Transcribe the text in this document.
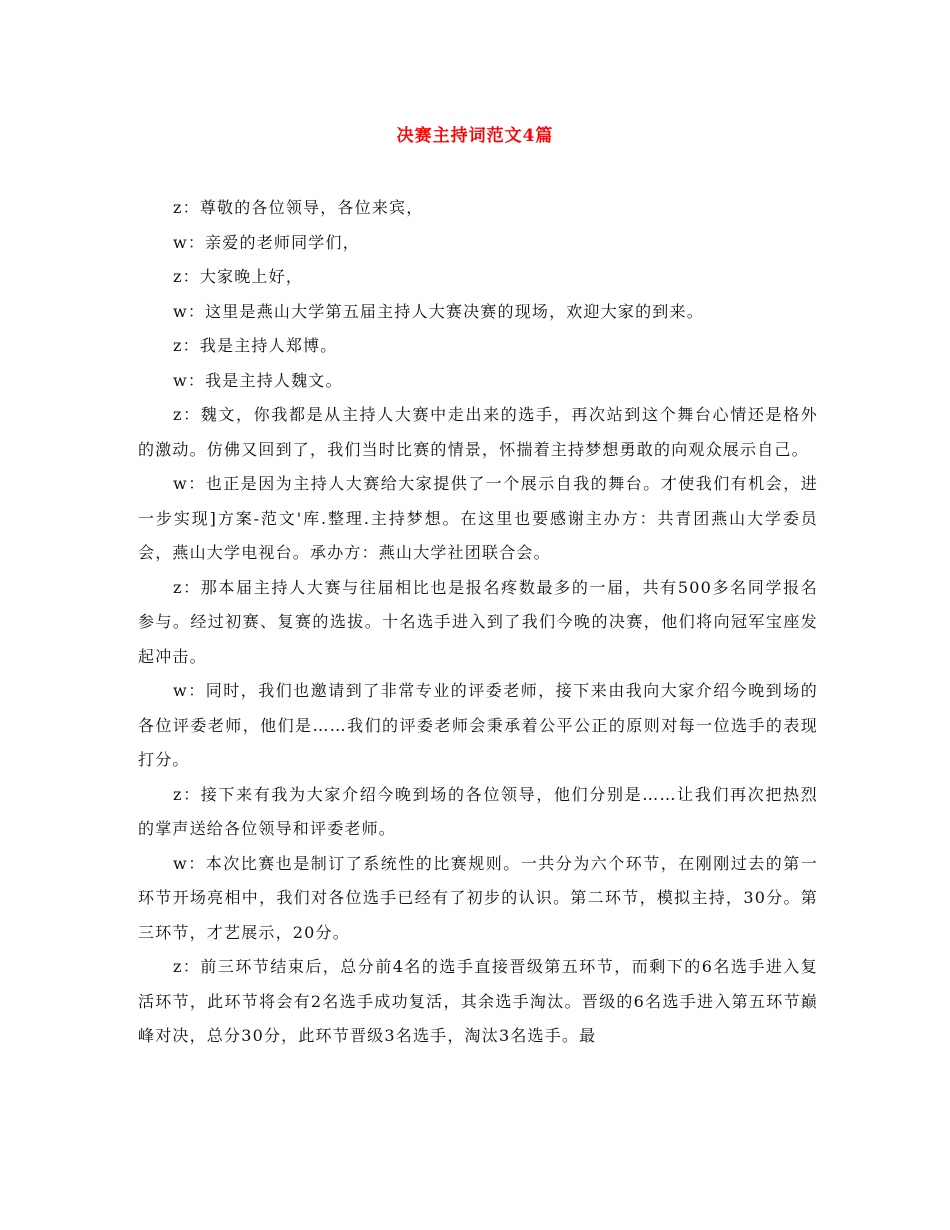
决赛主持词范文4篇

z：尊敬的各位领导，各位来宾，

w：亲爱的老师同学们，

z：大家晚上好，

w：这里是燕山大学第五届主持人大赛决赛的现场，欢迎大家的到来。

z：我是主持人郑博。

w：我是主持人魏文。

z：魏文，你我都是从主持人大赛中走出来的选手，再次站到这个舞台心情还是格外的激动。仿佛又回到了，我们当时比赛的情景，怀揣着主持梦想勇敢的向观众展示自己。

w：也正是因为主持人大赛给大家提供了一个展示自我的舞台。才使我们有机会，进一步实现]方案-范文'库.整理.主持梦想。在这里也要感谢主办方：共青团燕山大学委员会，燕山大学电视台。承办方：燕山大学社团联合会。

z：那本届主持人大赛与往届相比也是报名疼数最多的一届，共有500多名同学报名参与。经过初赛、复赛的选拔。十名选手进入到了我们今晚的决赛，他们将向冠军宝座发起冲击。

w：同时，我们也邀请到了非常专业的评委老师，接下来由我向大家介绍今晚到场的各位评委老师，他们是……我们的评委老师会秉承着公平公正的原则对每一位选手的表现打分。

z：接下来有我为大家介绍今晚到场的各位领导，他们分别是……让我们再次把热烈的掌声送给各位领导和评委老师。

w：本次比赛也是制订了系统性的比赛规则。一共分为六个环节，在刚刚过去的第一环节开场亮相中，我们对各位选手已经有了初步的认识。第二环节，模拟主持，30分。第三环节，才艺展示，20分。

z：前三环节结束后，总分前4名的选手直接晋级第五环节，而剩下的6名选手进入复活环节，此环节将会有2名选手成功复活，其余选手淘汰。晋级的6名选手进入第五环节巅峰对决，总分30分，此环节晋级3名选手，淘汰3名选手。最
